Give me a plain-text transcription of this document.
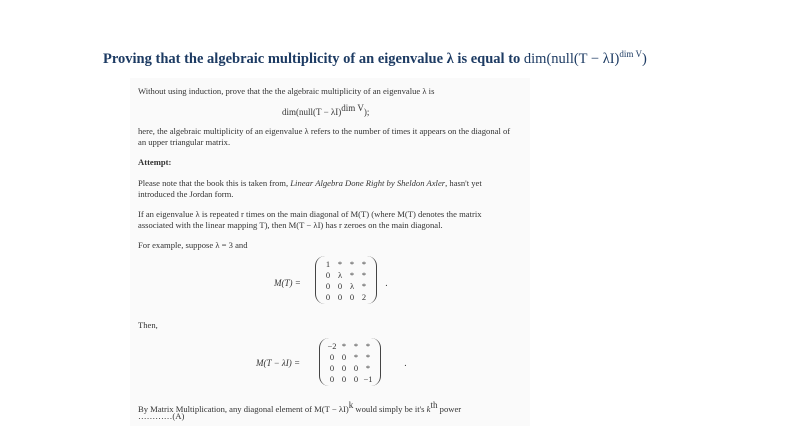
Proving that the algebraic multiplicity of an eigenvalue λ is equal to dim(null(T − λI)$^{dim V}$)
Without using induction, prove that the the algebraic multiplicity of an eigenvalue λ is
dim(null(T − λI)$^{dim V}$);
here, the algebraic multiplicity of an eigenvalue λ refers to the number of times it appears on the diagonal of an upper triangular matrix.
Attempt:
Please note that the book this is taken from, Linear Algebra Done Right by Sheldon Axler, hasn't yet introduced the Jordan form.
If an eigenvalue λ is repeated r times on the main diagonal of M(T) (where M(T) denotes the matrix associated with the linear mapping T), then M(T − λI) has r zeroes on the main diagonal.
For example, suppose λ = 3 and
M(T) =
1	*	*	*
0	λ	*	*
0	0	λ	*
0	0	0	2
.
Then,
M(T − λI) =
−2	*	*	*
0	0	*	*
0	0	0	*
0	0	0	−1
.
By Matrix Multiplication, any diagonal element of $M(T - \lambda I)^k$ would simply be it's $k^{th}$ power
…………(A)
